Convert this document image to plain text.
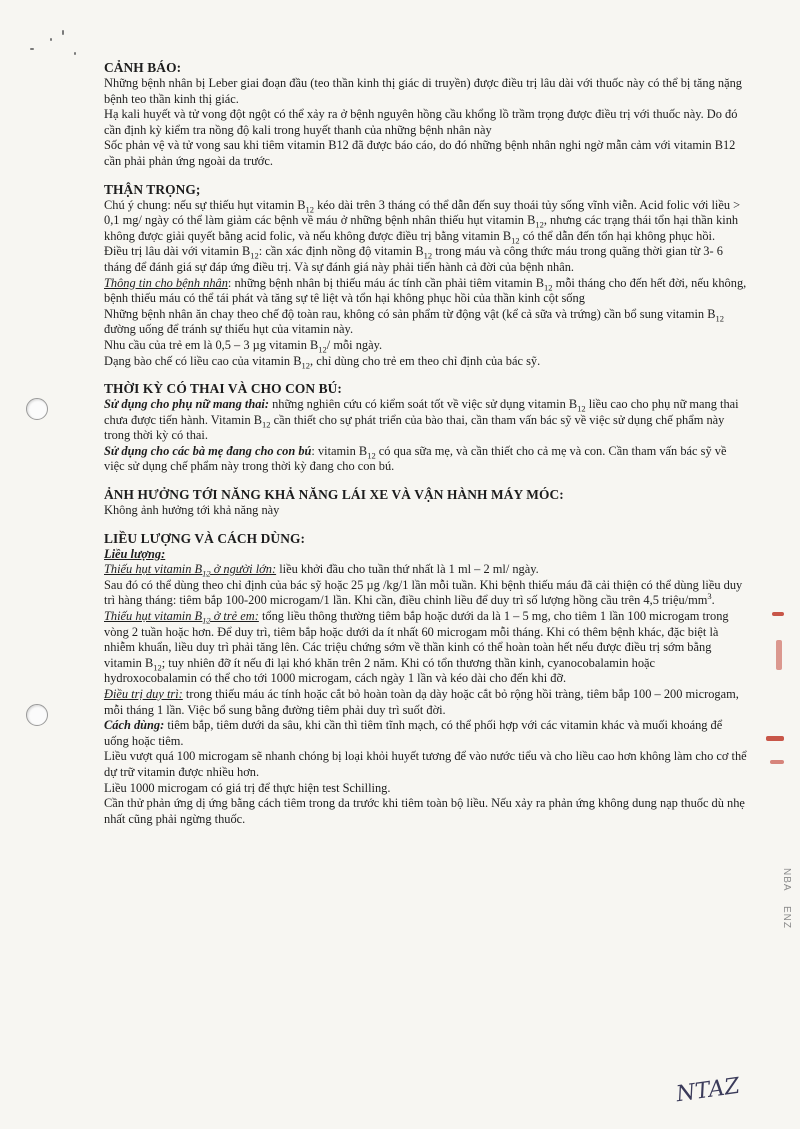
NBA
ENZ
CẢNH BÁO:

Những bệnh nhân bị Leber giai đoạn đầu (teo thần kinh thị giác di truyền) được điều trị lâu dài với thuốc này có thể bị tăng nặng bệnh teo thần kinh thị giác.

Hạ kali huyết và tử vong đột ngột có thể xảy ra ở bệnh nguyên hồng cầu khổng lồ trầm trọng được điều trị với thuốc này. Do đó cần định kỳ kiểm tra nồng độ kali trong huyết thanh của những bệnh nhân này

Sốc phản vệ và tử vong sau khi tiêm vitamin B12 đã được báo cáo, do đó những bệnh nhân nghi ngờ mẫn cảm với vitamin B12 cần phải phản ứng ngoài da trước.

THẬN TRỌNG;

Chú ý chung: nếu sự thiếu hụt vitamin $B_{12}$ kéo dài trên 3 tháng có thể dẫn đến suy thoái tủy sống vĩnh viễn. Acid folic với liều > 0,1 mg/ ngày có thể làm giảm các bệnh về máu ở những bệnh nhân thiếu hụt vitamin $B_{12}$, nhưng các trạng thái tổn hại thần kinh không được giải quyết bằng acid folic, và nếu không được điều trị bằng vitamin $B_{12}$ có thể dẫn đến tổn hại không phục hồi.

Điều trị lâu dài với vitamin $B_{12}$: cần xác định nồng độ vitamin $B_{12}$ trong máu và công thức máu trong quãng thời gian từ 3- 6 tháng để đánh giá sự đáp ứng điều trị. Và sự đánh giá này phải tiến hành cả đời của bệnh nhân.

Thông tin cho bệnh nhân: những bệnh nhân bị thiếu máu ác tính cần phải tiêm vitamin $B_{12}$ mỗi tháng cho đến hết đời, nếu không, bệnh thiếu máu có thể tái phát và tăng sự tê liệt và tổn hại không phục hồi của thần kinh cột sống

Những bệnh nhân ăn chay theo chế độ toàn rau, không có sản phẩm từ động vật (kể cả sữa và trứng) cần bổ sung vitamin $B_{12}$ đường uống để tránh sự thiếu hụt của vitamin này.

Nhu cầu của trẻ em là 0,5 – 3 µg vitamin $B_{12}/$ mỗi ngày.

Dạng bào chế có liều cao của vitamin $B_{12}$, chỉ dùng cho trẻ em theo chỉ định của bác sỹ.

THỜI KỲ CÓ THAI VÀ CHO CON BÚ:

Sử dụng cho phụ nữ mang thai: những nghiên cứu có kiểm soát tốt về việc sử dụng vitamin $B_{12}$ liều cao cho phụ nữ mang thai chưa được tiến hành. Vitamin $B_{12}$ cần thiết cho sự phát triển của bào thai, cần tham vấn bác sỹ về việc sử dụng chế phẩm này trong thời kỳ có thai.

Sử dụng cho các bà mẹ đang cho con bú: vitamin $B_{12}$ có qua sữa mẹ, và cần thiết cho cả mẹ và con. Cần tham vấn bác sỹ về việc sử dụng chế phẩm này trong thời kỳ đang cho con bú.

ẢNH HƯỞNG TỚI NĂNG KHẢ NĂNG LÁI XE VÀ VẬN HÀNH MÁY MÓC:

Không ảnh hưởng tới khả năng này

LIỀU LƯỢNG VÀ CÁCH DÙNG:

Liều lượng:

Thiếu hụt vitamin $B_{12}$ ở người lớn: liều khởi đầu cho tuần thứ nhất là 1 ml – 2 ml/ ngày.

Sau đó có thể dùng theo chỉ định của bác sỹ hoặc 25 µg /kg/1 lần mỗi tuần. Khi bệnh thiếu máu đã cải thiện có thể dùng liều duy trì hàng tháng: tiêm bắp 100-200 microgam/1 lần. Khi cần, điều chỉnh liều để duy trì số lượng hồng cầu trên 4,5 triệu/$mm^3$.

Thiếu hụt vitamin $B_{12}$ ở trẻ em: tổng liều thông thường tiêm bắp hoặc dưới da là 1 – 5 mg, cho tiêm 1 lần 100 microgam trong vòng 2 tuần hoặc hơn. Để duy trì, tiêm bắp hoặc dưới da ít nhất 60 microgam mỗi tháng. Khi có thêm bệnh khác, đặc biệt là nhiễm khuẩn, liều duy trì phải tăng lên. Các triệu chứng sớm về thần kinh có thể hoàn toàn hết nếu được điều trị sớm bằng vitamin $B_{12}$; tuy nhiên đỡ ít nếu đi lại khó khăn trên 2 năm. Khi có tổn thương thần kinh, cyanocobalamin hoặc hydroxocobalamin có thể cho tới 1000 microgam, cách ngày 1 lần và kéo dài cho đến khi đỡ.

Điều trị duy trì: trong thiếu máu ác tính hoặc cắt bỏ hoàn toàn dạ dày hoặc cắt bỏ rộng hồi tràng, tiêm bắp 100 – 200 microgam, mỗi tháng 1 lần. Việc bổ sung bằng đường tiêm phải duy trì suốt đời.

Cách dùng: tiêm bắp, tiêm dưới da sâu, khi cần thì tiêm tĩnh mạch, có thể phối hợp với các vitamin khác và muối khoáng để uống hoặc tiêm.

Liều vượt quá 100 microgam sẽ nhanh chóng bị loại khỏi huyết tương để vào nước tiểu và cho liều cao hơn không làm cho cơ thể dự trữ vitamin được nhiều hơn.

Liều 1000 microgam có giá trị để thực hiện test Schilling.

Cần thử phản ứng dị ứng bằng cách tiêm trong da trước khi tiêm toàn bộ liều. Nếu xảy ra phản ứng không dung nạp thuốc dù nhẹ nhất cũng phải ngừng thuốc.

NTAZ
